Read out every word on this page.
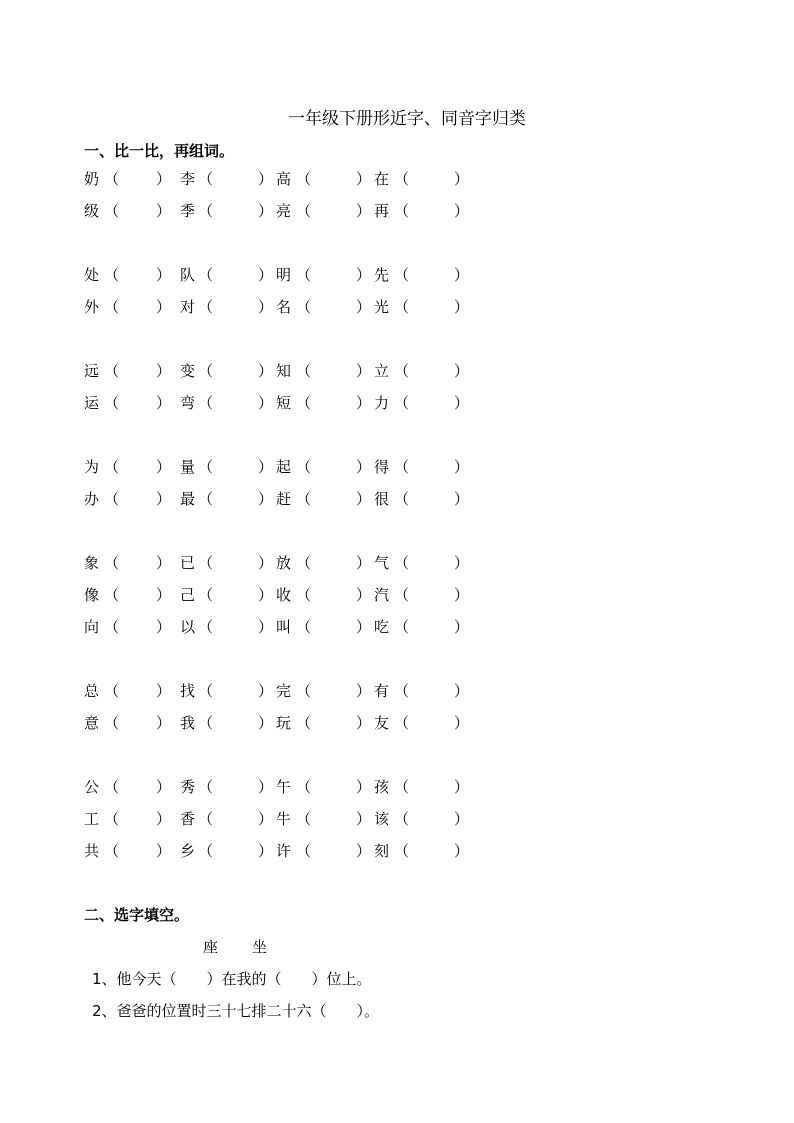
一年级下册形近字、同音字归类
一、比一比，再组词。
奶 （ ） 李 （	） 高 （	） 在 （	）
级 （ ） 季 （	） 亮 （	） 再 （	）
处 （ ） 队 （	） 明 （	） 先 （	）
外 （ ） 对 （	） 名 （	） 光 （	）
远 （ ） 变 （	） 知 （	） 立 （	）
运 （ ） 弯 （	） 短 （	） 力 （	）
为 （ ） 量 （	） 起 （	） 得 （	）
办 （ ） 最 （	） 赶 （	） 很 （	）
象 （ ） 已 （	） 放 （	） 气 （	）
像 （ ） 己 （	） 收 （	） 汽 （	）
向 （ ） 以 （	） 叫 （	） 吃 （	）
总 （ ） 找 （	） 完 （	） 有 （	）
意 （ ） 我 （	） 玩 （	） 友 （	）
公 （ ） 秀 （	） 午 （	） 孩 （	）
工 （ ） 香 （	） 牛 （	） 该 （	）
共 （ ） 乡 （	） 许 （	） 刻 （	）
二、选字填空。
座 坐
1、他今天（　　）在我的（　　）位上。
2、爸爸的位置时三十七排二十六（　　）。
